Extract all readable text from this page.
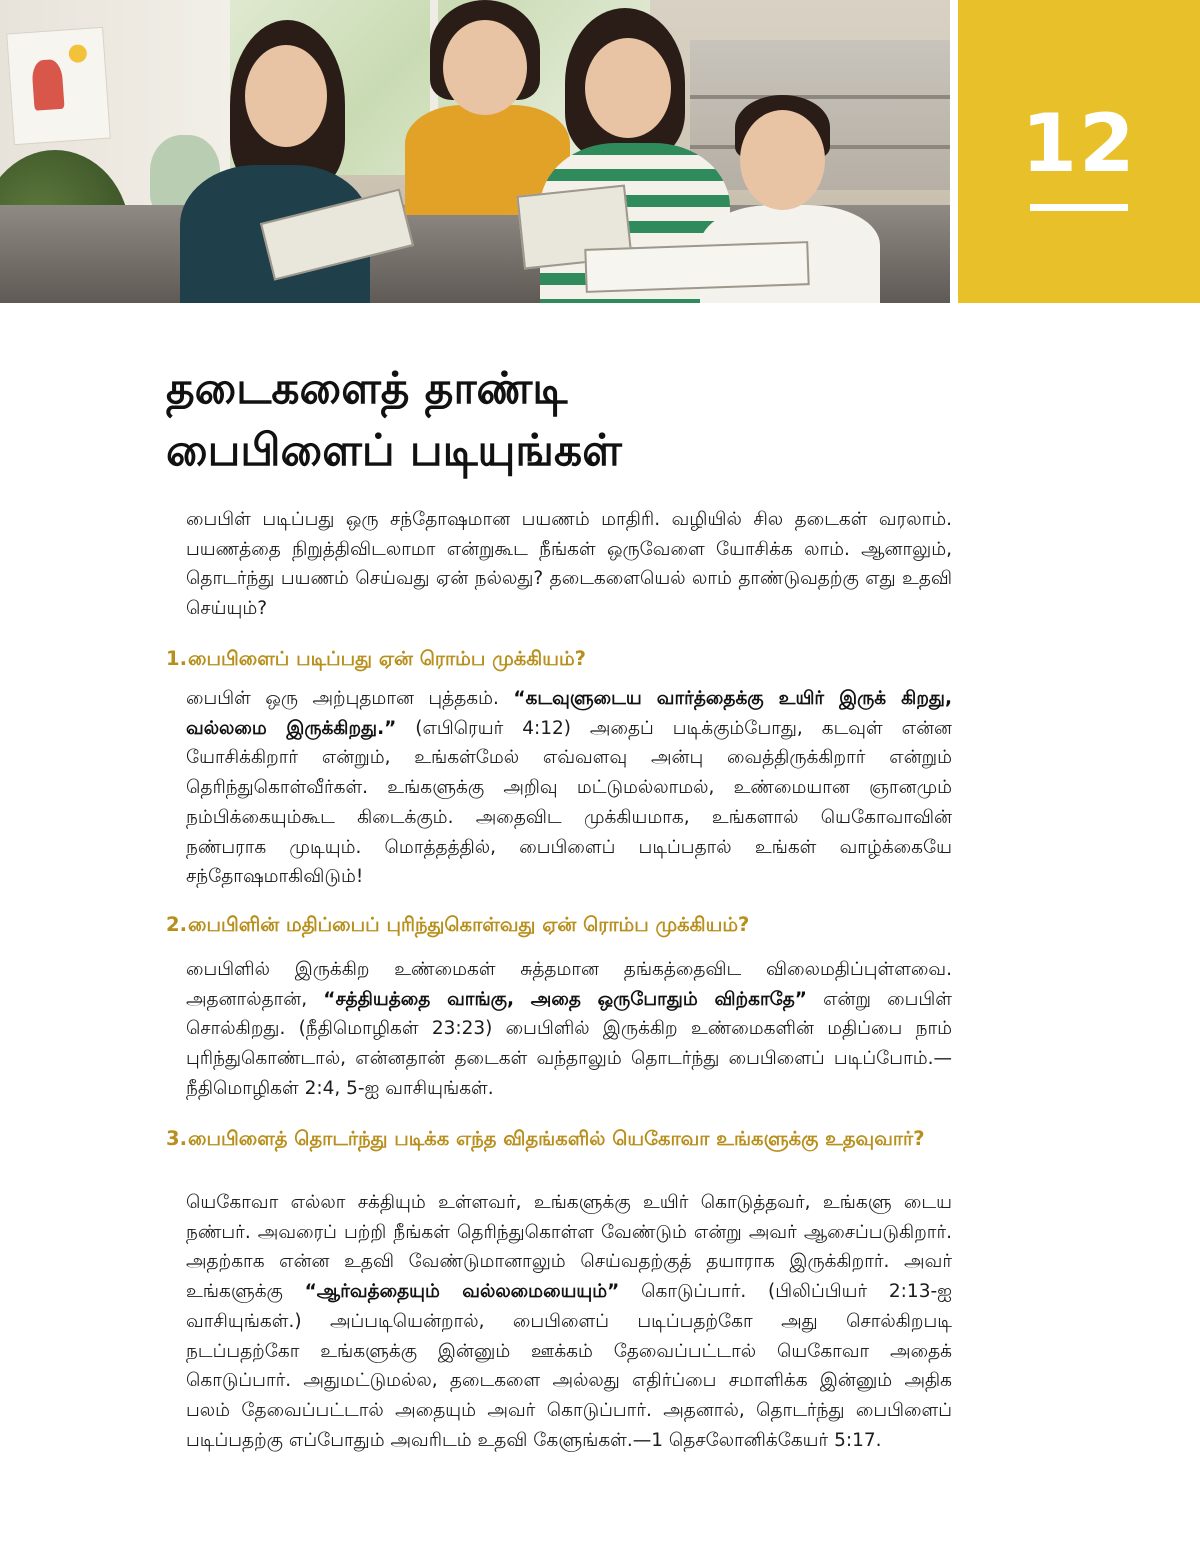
12
தடைகளைத் தாண்டி
பைபிளைப் படியுங்கள்

பைபிள் படிப்பது ஒரு சந்தோஷமான பயணம் மாதிரி. வழியில் சில தடைகள் வரலாம். பயணத்தை நிறுத்திவிடலாமா என்றுகூட நீங்கள் ஒருவேளை யோசிக்க லாம். ஆனாலும், தொடர்ந்து பயணம் செய்வது ஏன் நல்லது? தடைகளையெல் லாம் தாண்டுவதற்கு எது உதவி செய்யும்?

1.பைபிளைப் படிப்பது ஏன் ரொம்ப முக்கியம்?

பைபிள் ஒரு அற்புதமான புத்தகம். “கடவுளுடைய வார்த்தைக்கு உயிர் இருக் கிறது, வல்லமை இருக்கிறது.” (எபிரெயர் 4:12) அதைப் படிக்கும்போது, கடவுள் என்ன யோசிக்கிறார் என்றும், உங்கள்மேல் எவ்வளவு அன்பு வைத்திருக்கிறார் என்றும் தெரிந்துகொள்வீர்கள். உங்களுக்கு அறிவு மட்டுமல்லாமல், உண்மையான ஞானமும் நம்பிக்கையும்கூட கிடைக்கும். அதைவிட முக்கியமாக, உங்களால் யெகோவாவின் நண்பராக முடியும். மொத்தத்தில், பைபிளைப் படிப்பதால் உங்கள் வாழ்க்கையே சந்தோஷமாகிவிடும்!

2.பைபிளின் மதிப்பைப் புரிந்துகொள்வது ஏன் ரொம்ப முக்கியம்?

பைபிளில் இருக்கிற உண்மைகள் சுத்தமான தங்கத்தைவிட விலைமதிப்புள்ளவை. அதனால்தான், “சத்தியத்தை வாங்கு, அதை ஒருபோதும் விற்காதே” என்று பைபிள் சொல்கிறது. (நீதிமொழிகள் 23:23) பைபிளில் இருக்கிற உண்மைகளின் மதிப்பை நாம் புரிந்துகொண்டால், என்னதான் தடைகள் வந்தாலும் தொடர்ந்து பைபிளைப் படிப்போம்.—நீதிமொழிகள் 2:4, 5-ஐ வாசியுங்கள்.

3.பைபிளைத் தொடர்ந்து படிக்க எந்த விதங்களில் யெகோவா உங்களுக்கு உதவுவார்?

யெகோவா எல்லா சக்தியும் உள்ளவர், உங்களுக்கு உயிர் கொடுத்தவர், உங்களு டைய நண்பர். அவரைப் பற்றி நீங்கள் தெரிந்துகொள்ள வேண்டும் என்று அவர் ஆசைப்படுகிறார். அதற்காக என்ன உதவி வேண்டுமானாலும் செய்வதற்குத் தயாராக இருக்கிறார். அவர் உங்களுக்கு “ஆர்வத்தையும் வல்லமையையும்” கொடுப்பார். (பிலிப்பியர் 2:13-ஐ வாசியுங்கள்.) அப்படியென்றால், பைபிளைப் படிப்பதற்கோ அது சொல்கிறபடி நடப்பதற்கோ உங்களுக்கு இன்னும் ஊக்கம் தேவைப்பட்டால் யெகோவா அதைக் கொடுப்பார். அதுமட்டுமல்ல, தடைகளை அல்லது எதிர்ப்பை சமாளிக்க இன்னும் அதிக பலம் தேவைப்பட்டால் அதையும் அவர் கொடுப்பார். அதனால், தொடர்ந்து பைபிளைப் படிப்பதற்கு எப்போதும் அவரிடம் உதவி கேளுங்கள்.—1 தெசலோனிக்கேயர் 5:17.
